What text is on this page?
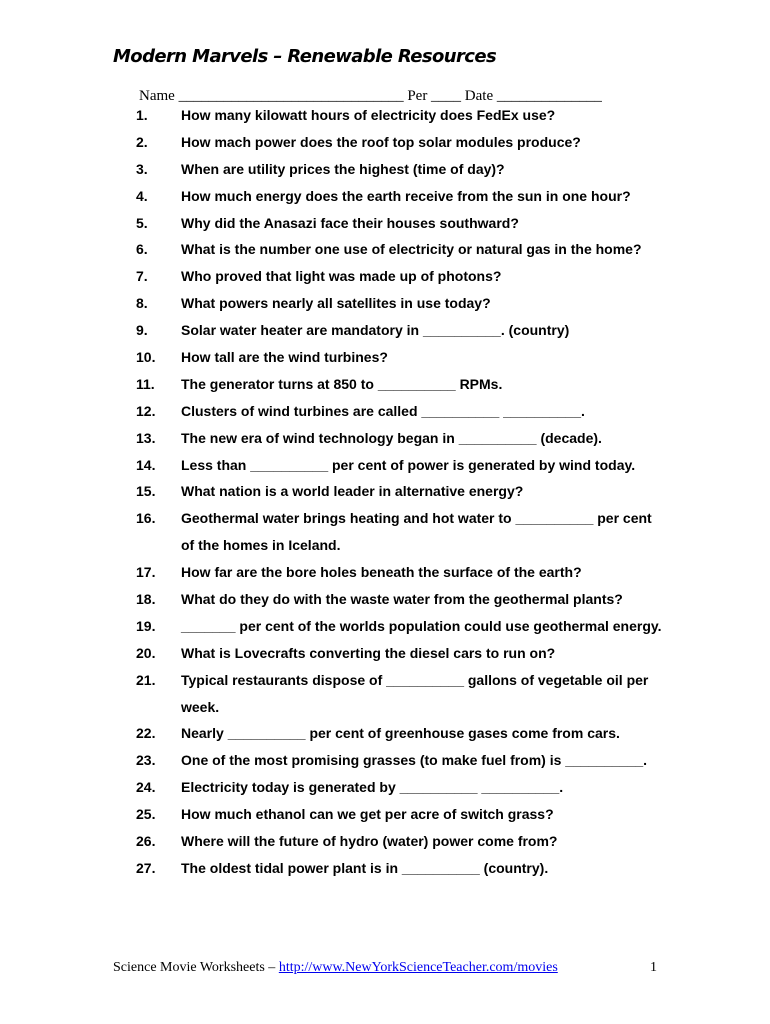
Modern Marvels – Renewable Resources
Name ______________________________ Per ____ Date ______________
1. How many kilowatt hours of electricity does FedEx use?
2. How mach power does the roof top solar modules produce?
3. When are utility prices the highest (time of day)?
4. How much energy does the earth receive from the sun in one hour?
5. Why did the Anasazi face their houses southward?
6. What is the number one use of electricity or natural gas in the home?
7. Who proved that light was made up of photons?
8. What powers nearly all satellites in use today?
9. Solar water heater are mandatory in __________. (country)
10. How tall are the wind turbines?
11. The generator turns at 850 to __________ RPMs.
12. Clusters of wind turbines are called __________ __________.
13. The new era of wind technology began in __________ (decade).
14. Less than __________ per cent of power is generated by wind today.
15. What nation is a world leader in alternative energy?
16. Geothermal water brings heating and hot water to __________ per cent
of the homes in Iceland.
17. How far are the bore holes beneath the surface of the earth?
18. What do they do with the waste water from the geothermal plants?
19. _______ per cent of the worlds population could use geothermal energy.
20. What is Lovecrafts converting the diesel cars to run on?
21. Typical restaurants dispose of __________ gallons of vegetable oil per
week.
22. Nearly __________ per cent of greenhouse gases come from cars.
23. One of the most promising grasses (to make fuel from) is __________.
24. Electricity today is generated by __________ __________.
25. How much ethanol can we get per acre of switch grass?
26. Where will the future of hydro (water) power come from?
27. The oldest tidal power plant is in __________ (country).
Science Movie Worksheets – http://www.NewYorkScienceTeacher.com/movies	1
